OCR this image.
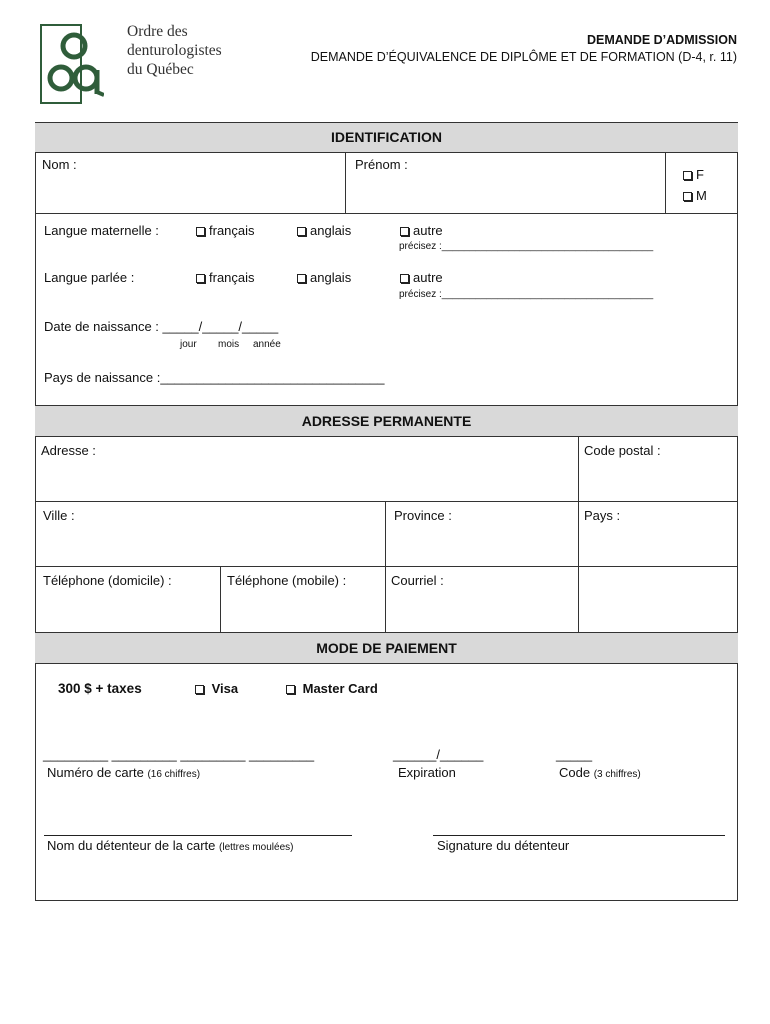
Ordre des
denturologistes
du Québec
DEMANDE D’ADMISSION
DEMANDE D’ÉQUIVALENCE DE DIPLÔME ET DE FORMATION (D-4, r. 11)
IDENTIFICATION
Nom :	Prénom :
F
M
Langue maternelle :	français	anglais	autre
précisez :______________________________________
Langue parlée :	français	anglais	autre
précisez :______________________________________
Date de naissance : _____/_____/_____
jour mois année
Pays de naissance :_______________________________
ADRESSE PERMANENTE
Adresse :	Code postal :
Ville :	Province :	Pays :
Téléphone (domicile) :	Téléphone (mobile) :	Courriel :
MODE DE PAIEMENT
300 $ + taxes	Visa	Master Card
_________ _________ _________ _________
Numéro de carte (16 chiffres)
______/______
Expiration
_____
Code (3 chiffres)
Nom du détenteur de la carte (lettres moulées)	Signature du détenteur
